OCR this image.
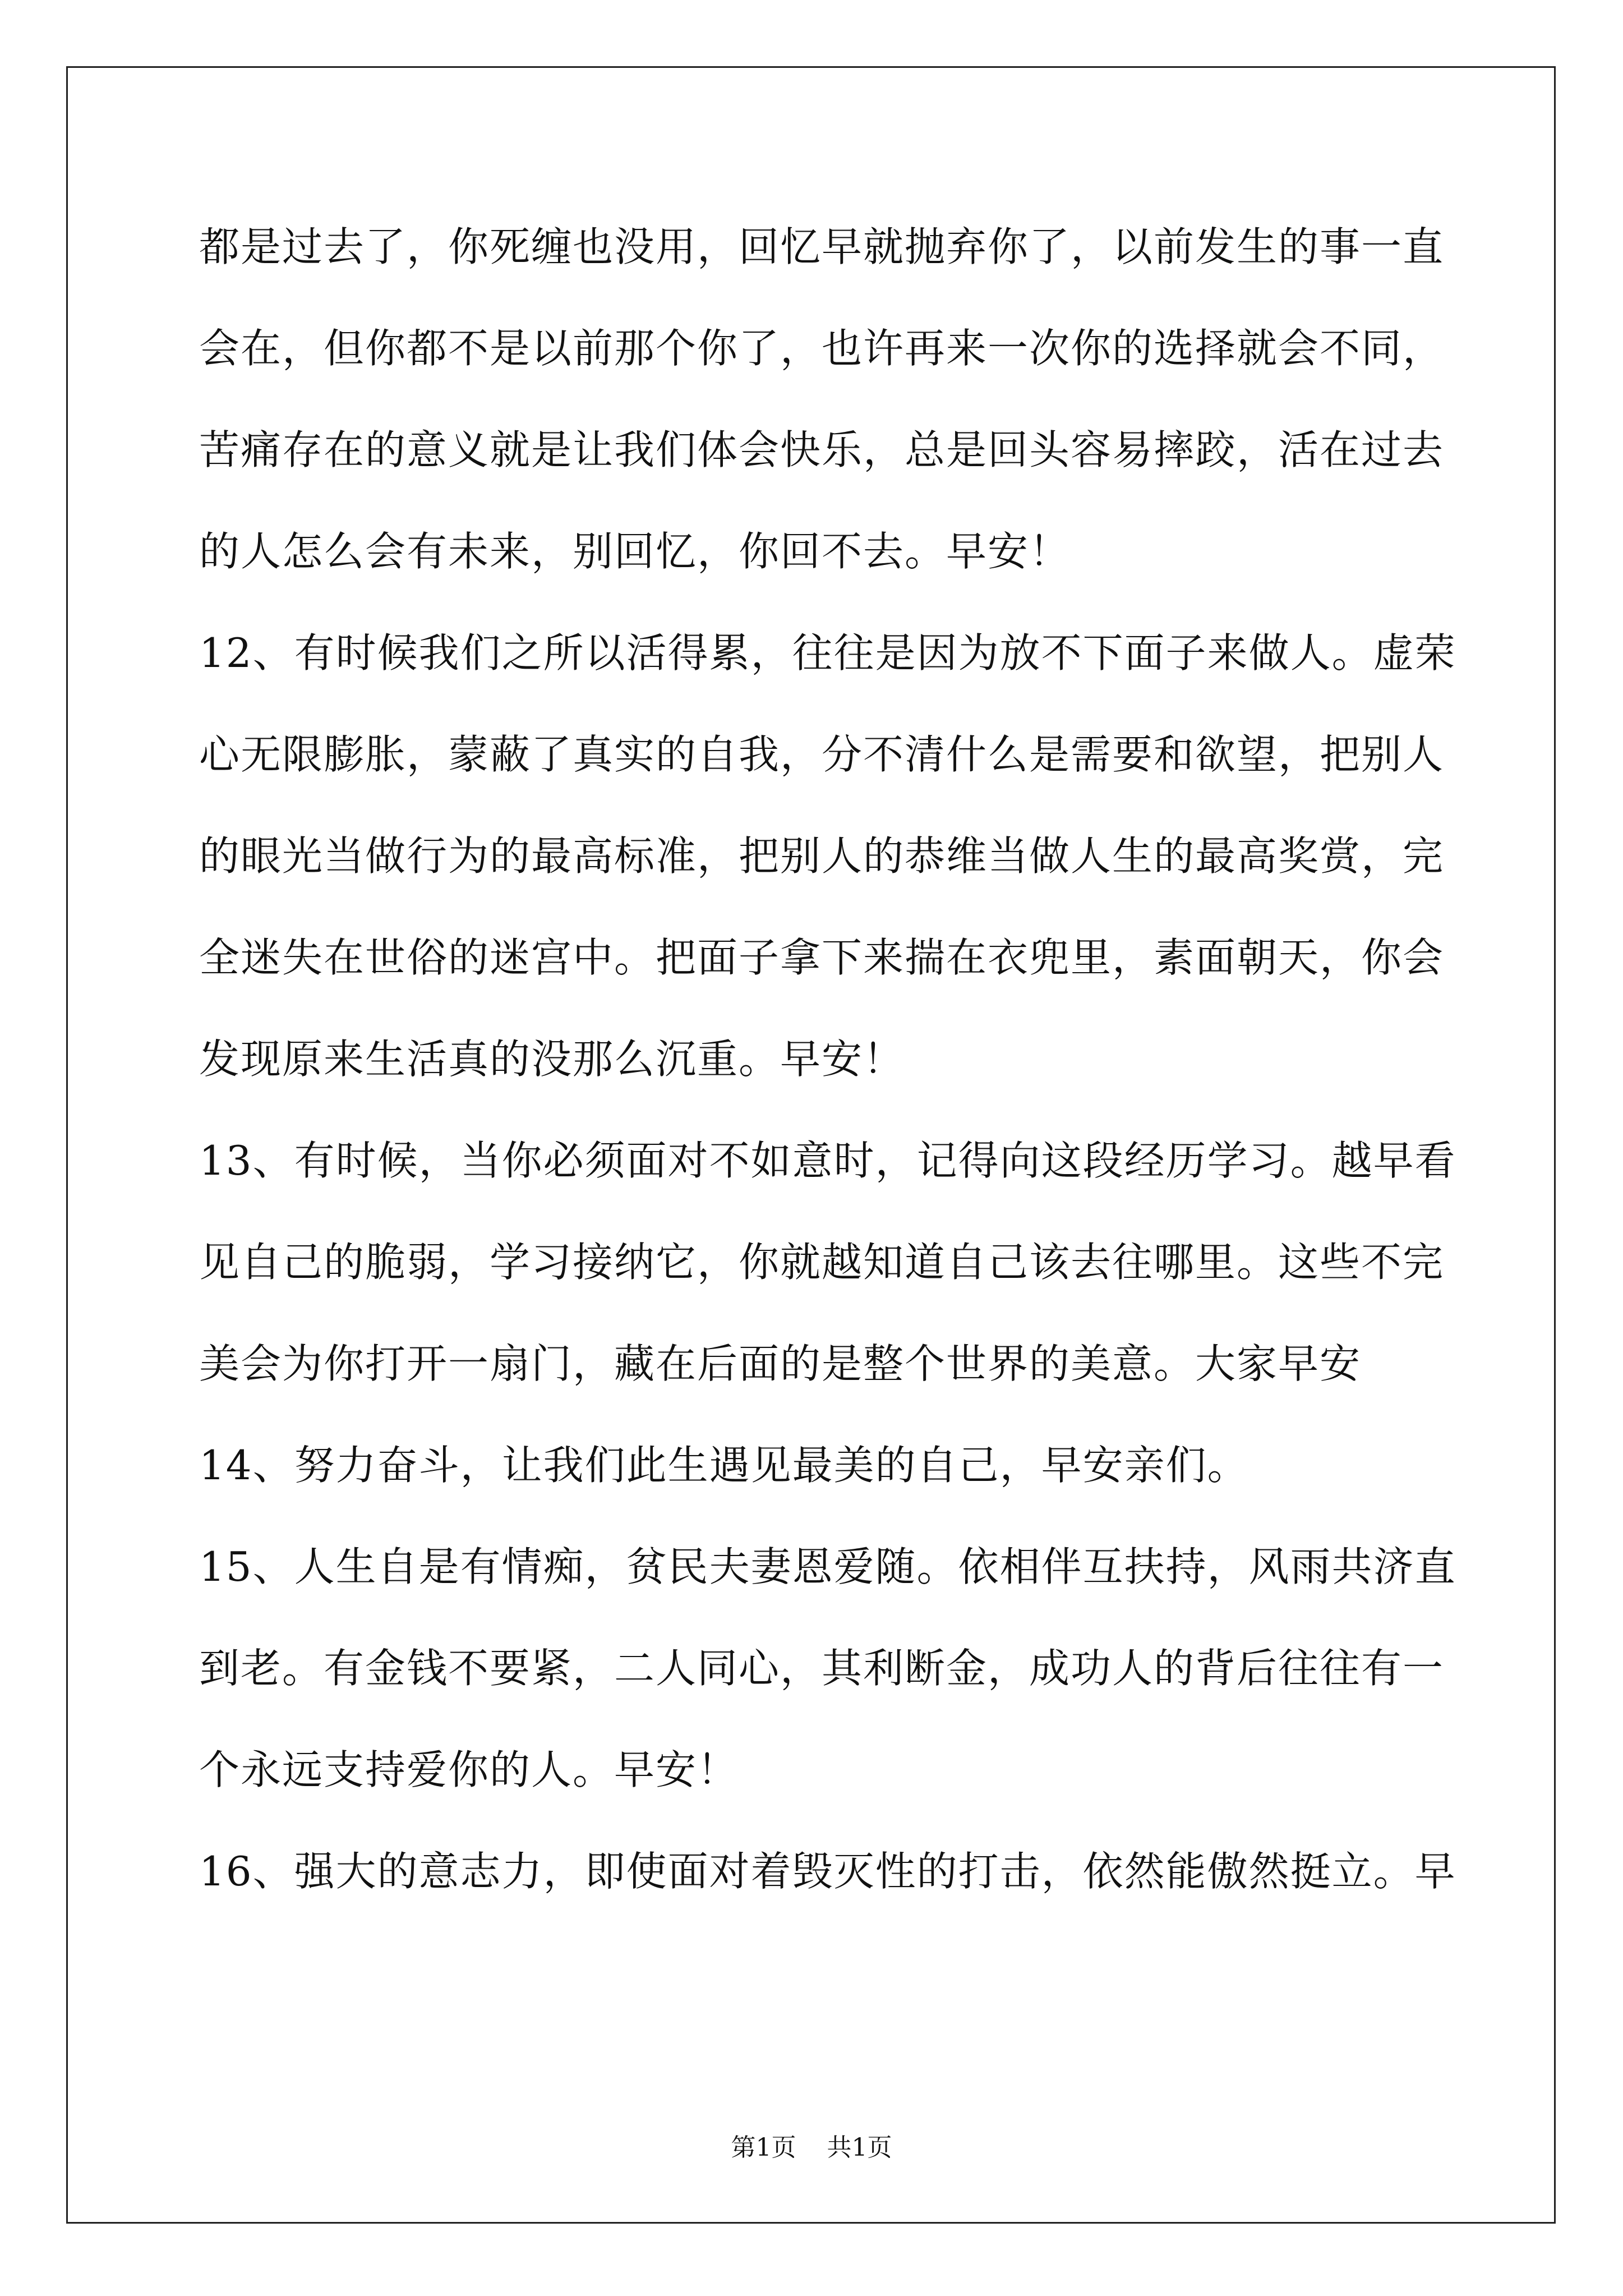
都是过去了，你死缠也没用，回忆早就抛弃你了，以前发生的事一直
会在，但你都不是以前那个你了，也许再来一次你的选择就会不同，
苦痛存在的意义就是让我们体会快乐，总是回头容易摔跤，活在过去
的人怎么会有未来，别回忆，你回不去。早安！
12、有时候我们之所以活得累，往往是因为放不下面子来做人。虚荣
心无限膨胀，蒙蔽了真实的自我，分不清什么是需要和欲望，把别人
的眼光当做行为的最高标准，把别人的恭维当做人生的最高奖赏，完
全迷失在世俗的迷宫中。把面子拿下来揣在衣兜里，素面朝天，你会
发现原来生活真的没那么沉重。早安！
13、有时候，当你必须面对不如意时，记得向这段经历学习。越早看
见自己的脆弱，学习接纳它，你就越知道自己该去往哪里。这些不完
美会为你打开一扇门，藏在后面的是整个世界的美意。大家早安
14、努力奋斗，让我们此生遇见最美的自己，早安亲们。
15、人生自是有情痴，贫民夫妻恩爱随。依相伴互扶持，风雨共济直
到老。有金钱不要紧，二人同心，其利断金，成功人的背后往往有一
个永远支持爱你的人。早安！
16、强大的意志力，即使面对着毁灭性的打击，依然能傲然挺立。早
第1页 共1页
